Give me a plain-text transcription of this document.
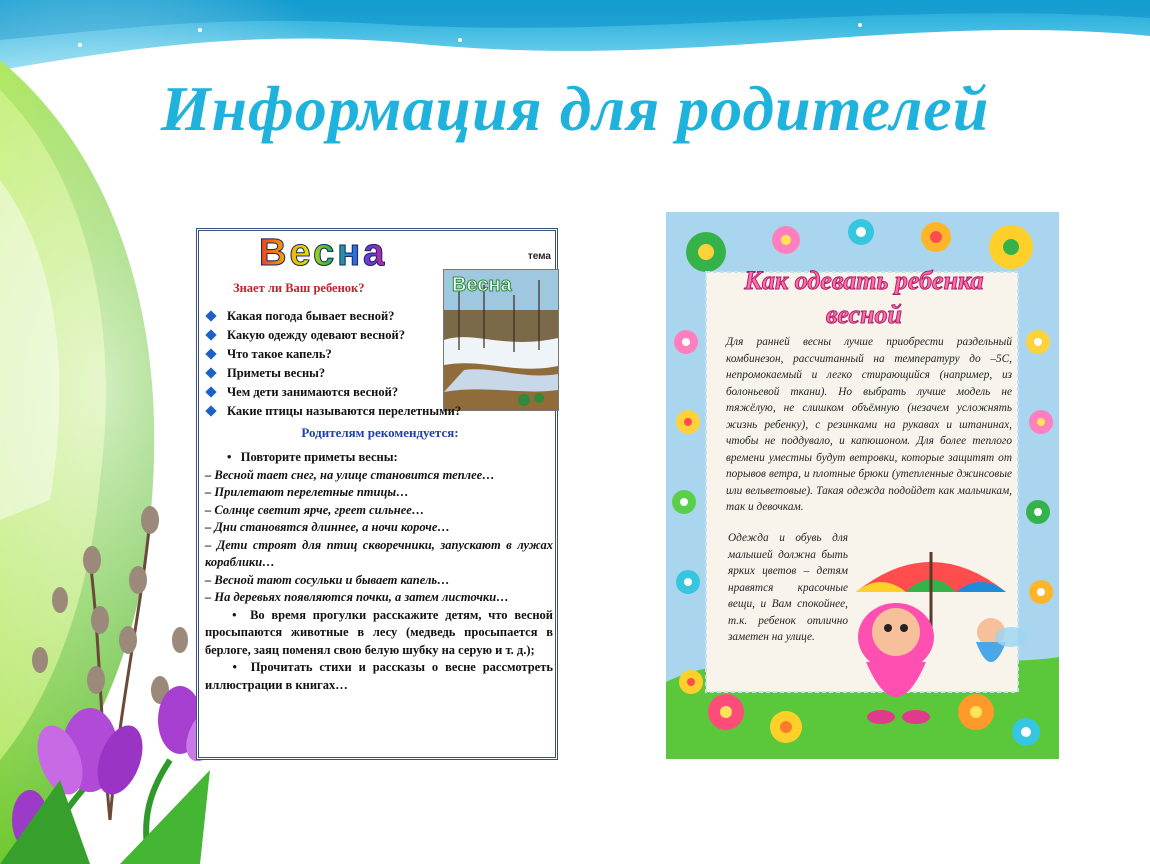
Информация для родителей
Весна	тема
Весна
Знает ли Ваш ребенок?
Какая погода бывает весной?
Какую одежду одевают весной?
Что такое капель?
Приметы весны?
Чем дети занимаются весной?
Какие птицы называются перелетными?
Родителям рекомендуется:

•   Повторите приметы весны:

– Весной тает снег, на улице становится теплее…

– Прилетают перелетные птицы…

– Солнце светит ярче, греет сильнее…

– Дни становятся длиннее, а ночи короче…

– Дети строят для птиц скворечники, запускают в лужах кораблики…

– Весной тают сосульки и бывает капель…

– На деревьях появляются почки, а затем листочки…

•  Во время прогулки расскажите детям, что весной просыпаются животные в лесу (медведь просыпается в берлоге, заяц поменял свою белую шубку на серую и т. д.);

•  Прочитать стихи и рассказы о весне рассмотреть иллюстрации в книгах…

Как одевать ребенка весной
Для ранней весны лучше приобрести раздельный комбинезон, рассчитанный на температуру до –5С, непромокаемый и легко стирающийся (например, из болоньевой ткани). Но выбрать лучше модель не тяжёлую, не слишком объёмную (незачем усложнять жизнь ребенку), с резинками на рукавах и штанинах, чтобы не поддувало, и капюшоном. Для более теплого времени уместны будут ветровки, которые защитят от порывов ветра, и плотные брюки (утепленные джинсовые или вельветовые). Такая одежда подойдет как мальчикам, так и девочкам.
Одежда и обувь для малышей должна быть ярких цветов – детям нравятся красочные вещи, и Вам спокойнее, т.к. ребенок отлично заметен на улице.
